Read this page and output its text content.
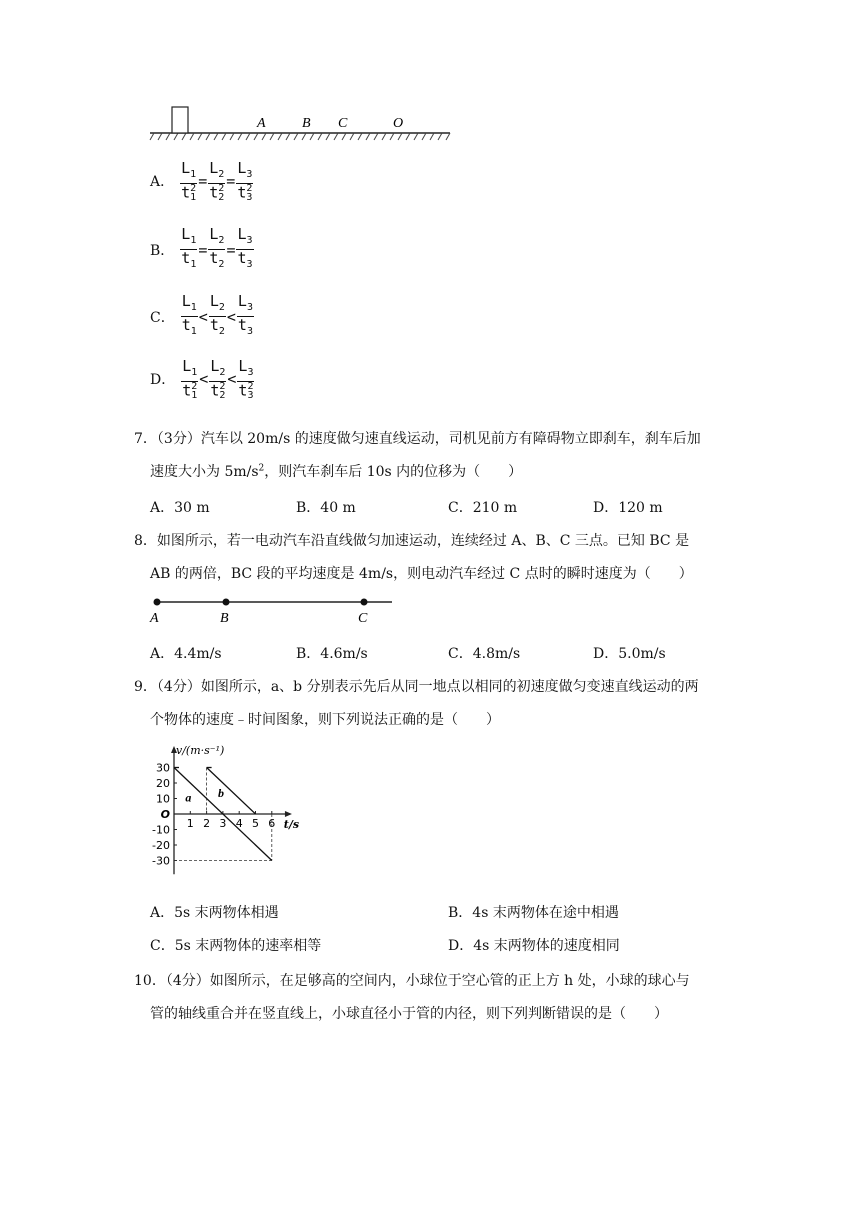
A	B C	O
A． $L_1$
t 2
$1 = L_2$
t 2
$2 = L_3$
t 2
3
B． $\frac{L_1}{t_1} = \frac{L_2}{t_2} = \frac{L_3}{t_3}$
C． $\frac{L_1}{t_1} < \frac{L_2}{t_2} < \frac{L_3}{t_3}$
D． $L_1$
t 2
$1 < L_2$
t 2
$2 < L_3$
t 2
3
7．（3分）汽车以 20m/s 的速度做匀速直线运动，司机见前方有障碍物立即刹车，刹车后加
速度大小为 $5m/s^2$，则汽车刹车后 10s 内的位移为（　　）
A．30 m	B．40 m	C．210 m	D．120 m
8．如图所示，若一电动汽车沿直线做匀加速运动，连续经过 A、B、C 三点。已知 BC 是
AB 的两倍，BC 段的平均速度是 4m/s，则电动汽车经过 C 点时的瞬时速度为（　　）
A	B	C
A．4.4m/s	B．4.6m/s	C．4.8m/s	D．5.0m/s
9．（4分）如图所示，a、b 分别表示先后从同一地点以相同的初速度做匀变速直线运动的两
个物体的速度﹣时间图象，则下列说法正确的是（　　）
v/(m·s⁻¹)
t/s
30
20
10
O
-10
-20
-30
1 2 3 4 5 6
a b
A．5s 末两物体相遇	B．4s 末两物体在途中相遇
C．5s 末两物体的速率相等	D．4s 末两物体的速度相同
10．（4分）如图所示，在足够高的空间内，小球位于空心管的正上方 h 处，小球的球心与
管的轴线重合并在竖直线上，小球直径小于管的内径，则下列判断错误的是（　　）
